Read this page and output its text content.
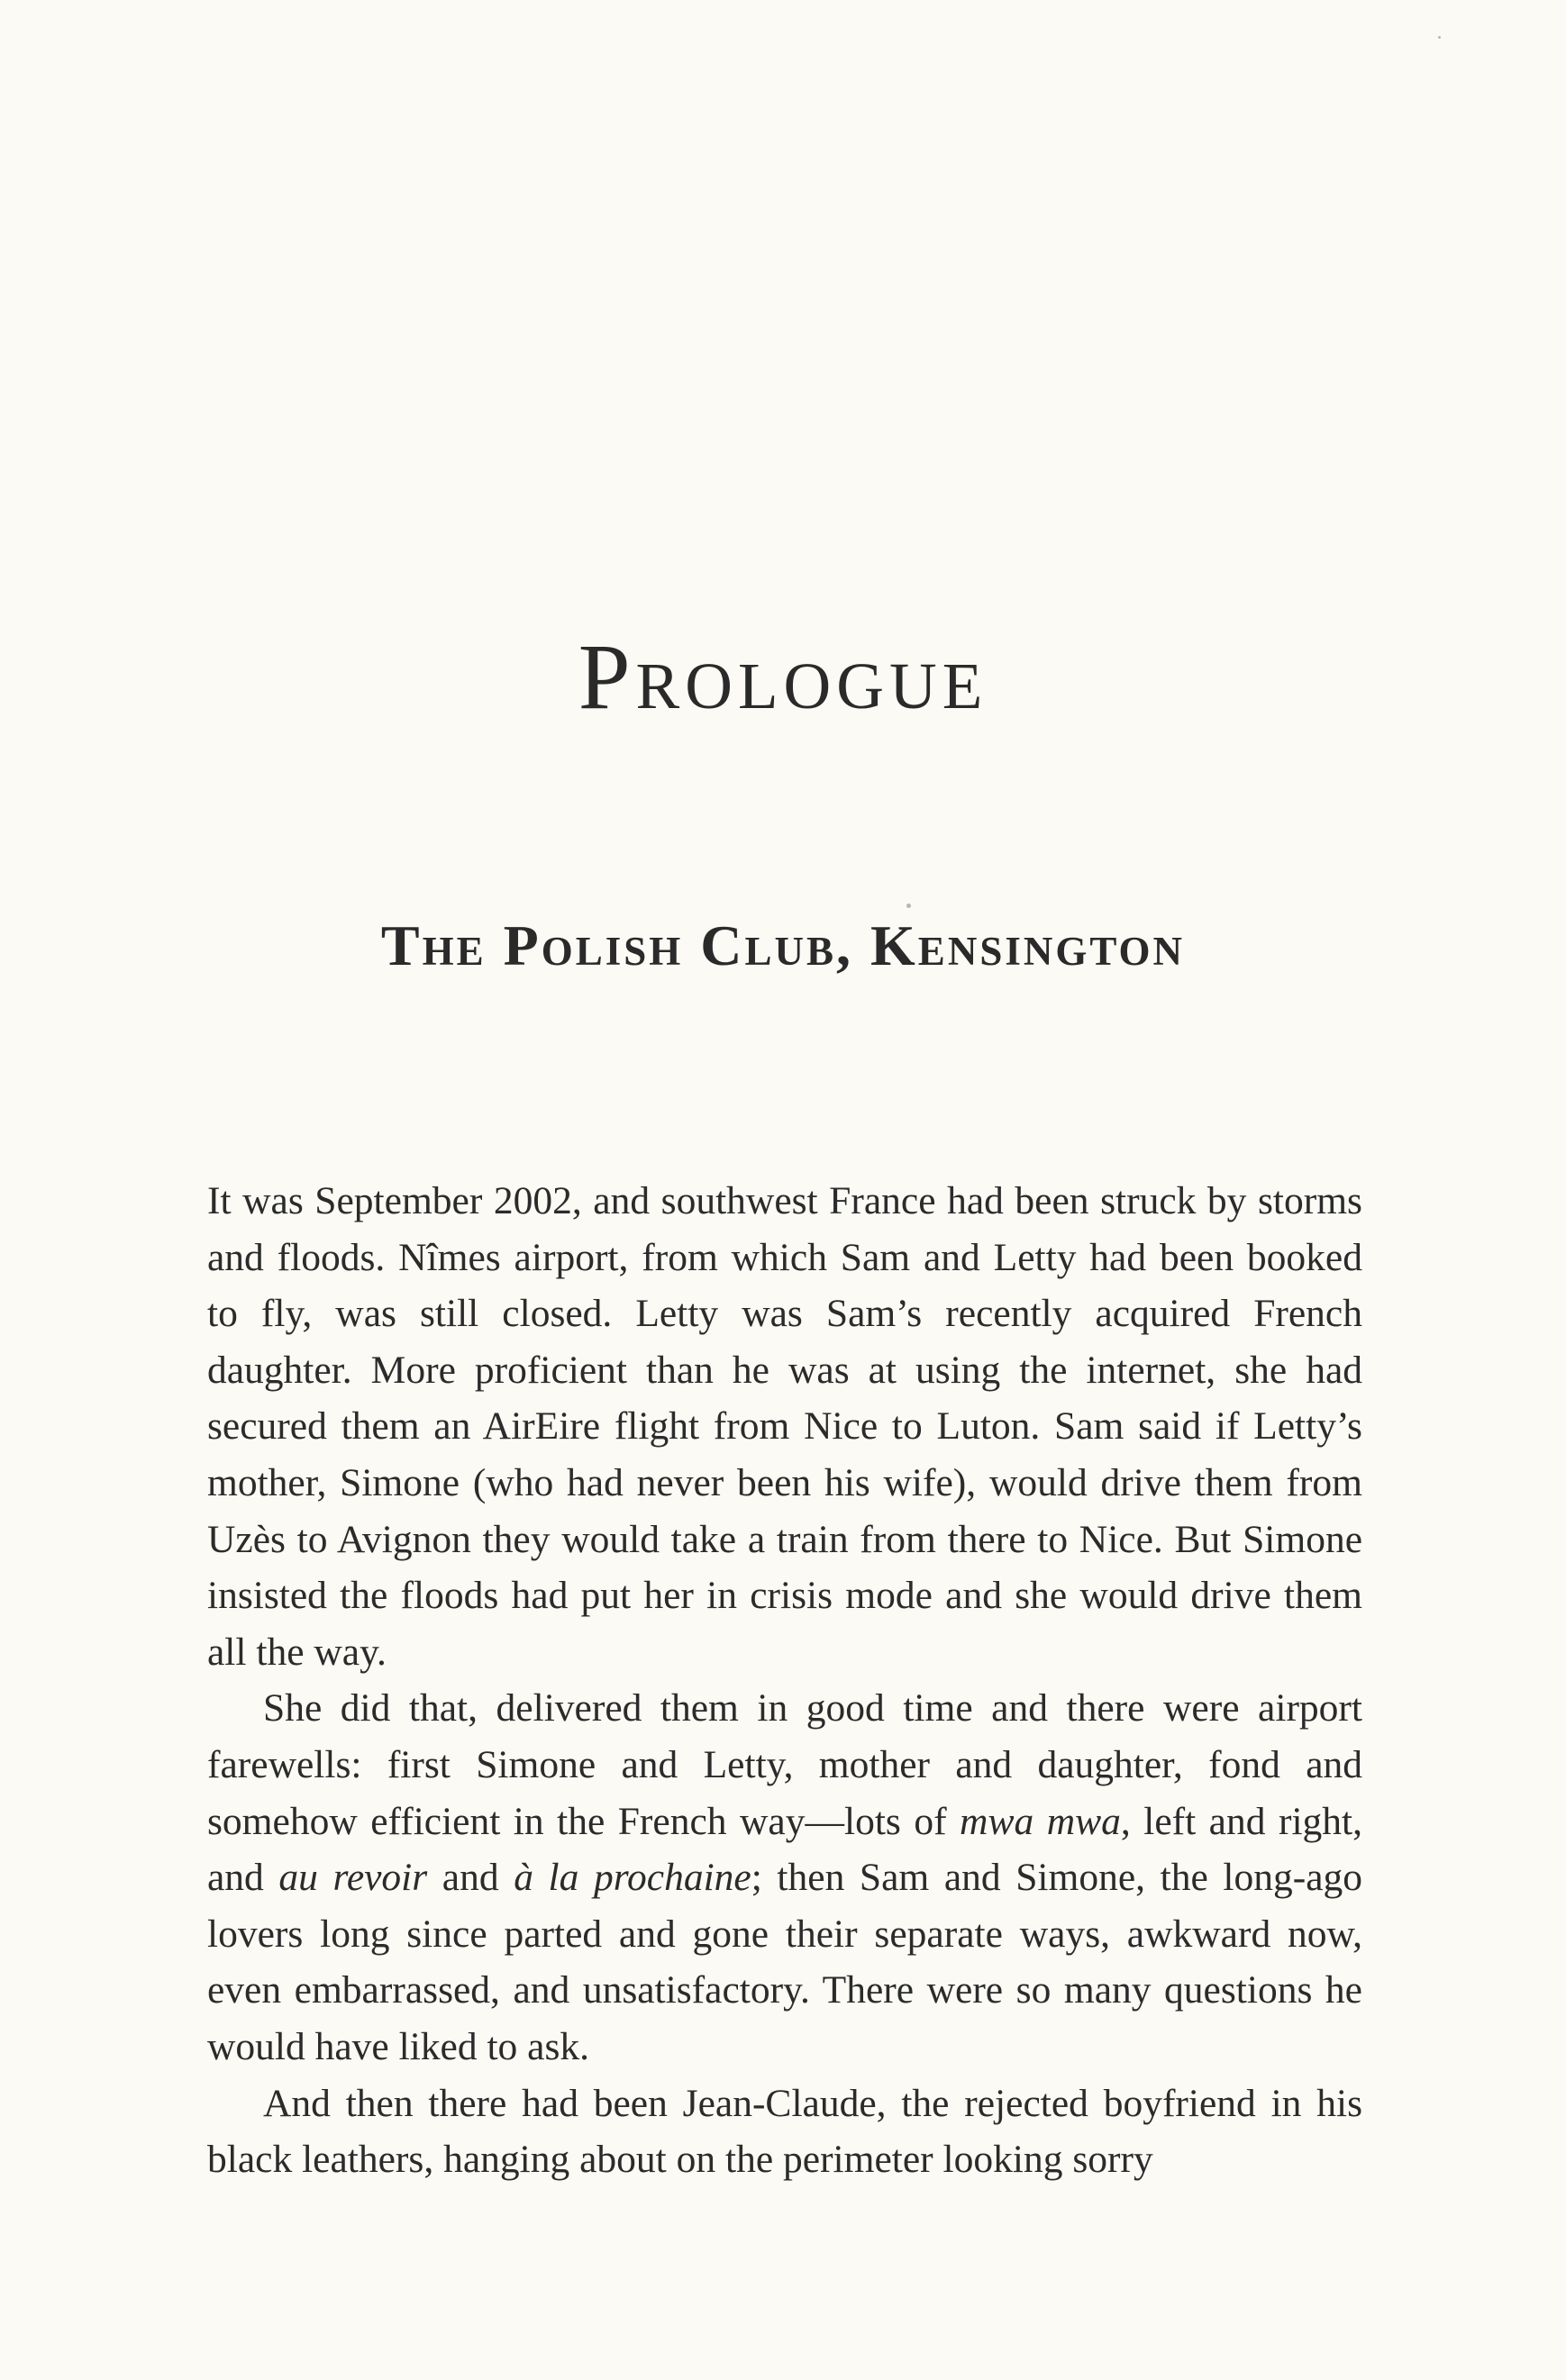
Prologue
The Polish Club, Kensington

It was September 2002, and southwest France had been struck by storms and floods. Nîmes airport, from which Sam and Letty had been booked to fly, was still closed. Letty was Sam’s recently acquired French daughter. More proficient than he was at using the internet, she had secured them an AirEire flight from Nice to Luton. Sam said if Letty’s mother, Simone (who had never been his wife), would drive them from Uzès to Avignon they would take a train from there to Nice. But Simone insisted the floods had put her in crisis mode and she would drive them all the way.

She did that, delivered them in good time and there were airport farewells: first Simone and Letty, mother and daughter, fond and somehow efficient in the French way—lots of mwa mwa, left and right, and au revoir and à la prochaine; then Sam and Simone, the long-ago lovers long since parted and gone their separate ways, awkward now, even embarrassed, and unsatisfactory. There were so many questions he would have liked to ask.

And then there had been Jean-Claude, the rejected boyfriend in his black leathers, hanging about on the perimeter looking sorry
